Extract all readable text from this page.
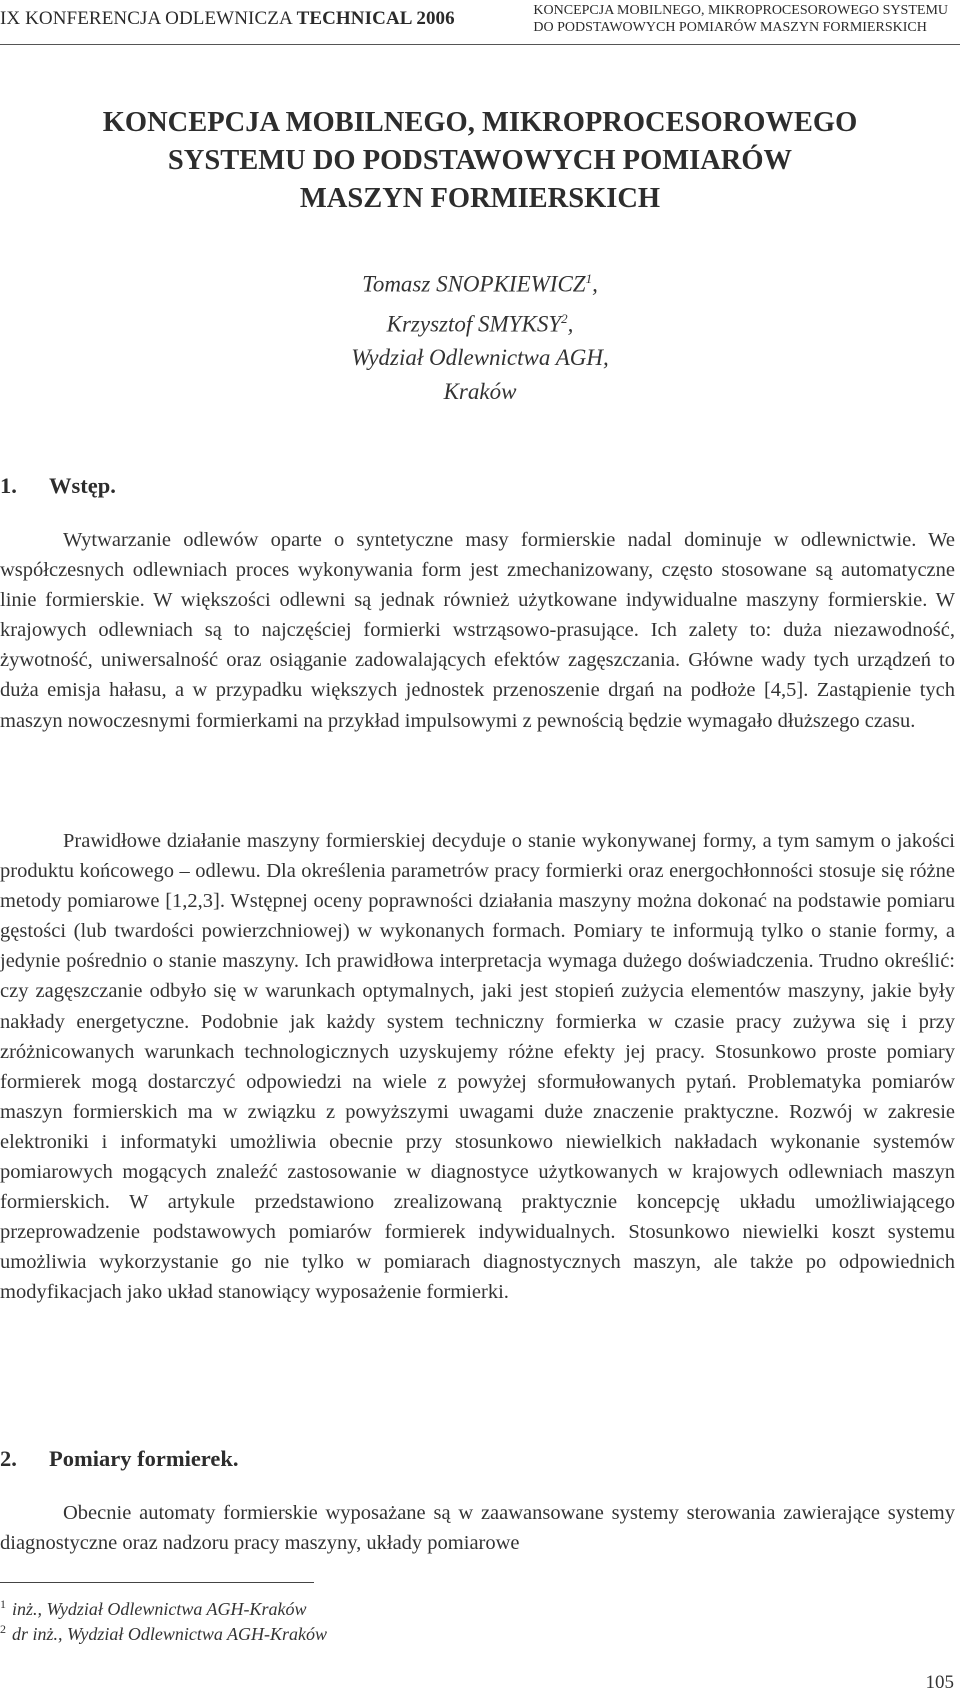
IX KONFERENCJA ODLEWNICZA TECHNICAL 2006	KONCEPCJA MOBILNEGO, MIKROPROCESOROWEGO SYSTEMU
DO PODSTAWOWYCH POMIARÓW MASZYN FORMIERSKICH
KONCEPCJA MOBILNEGO, MIKROPROCESOROWEGO
SYSTEMU DO PODSTAWOWYCH POMIARÓW
MASZYN FORMIERSKICH
Tomasz SNOPKIEWICZ$^1$,
Krzysztof SMYKSY$^2$,
Wydział Odlewnictwa AGH,
Kraków
1. Wstęp.
Wytwarzanie odlewów oparte o syntetyczne masy formierskie nadal dominuje w odlewnictwie. We współczesnych odlewniach proces wykonywania form jest zmechanizowany, często stosowane są automatyczne linie formierskie. W większości odlewni są jednak również użytkowane indywidualne maszyny formierskie. W krajowych odlewniach są to najczęściej formierki wstrząsowo-prasujące. Ich zalety to: duża niezawodność, żywotność, uniwersalność oraz osiąganie zadowalających efektów zagęszczania. Główne wady tych urządzeń to duża emisja hałasu, a w przypadku większych jednostek przenoszenie drgań na podłoże [4,5]. Zastąpienie tych maszyn nowoczesnymi formierkami na przykład impulsowymi z pewnością będzie wymagało dłuższego czasu.
Prawidłowe działanie maszyny formierskiej decyduje o stanie wykonywanej formy, a tym samym o jakości produktu końcowego – odlewu. Dla określenia parametrów pracy formierki oraz energochłonności stosuje się różne metody pomiarowe [1,2,3]. Wstępnej oceny poprawności działania maszyny można dokonać na podstawie pomiaru gęstości (lub twardości powierzchniowej) w wykonanych formach. Pomiary te informują tylko o stanie formy, a jedynie pośrednio o stanie maszyny. Ich prawidłowa interpretacja wymaga dużego doświadczenia. Trudno określić: czy zagęszczanie odbyło się w warunkach optymalnych, jaki jest stopień zużycia elementów maszyny, jakie były nakłady energetyczne. Podobnie jak każdy system techniczny formierka w czasie pracy zużywa się i przy zróżnicowanych warunkach technologicznych uzyskujemy różne efekty jej pracy. Stosunkowo proste pomiary formierek mogą dostarczyć odpowiedzi na wiele z powyżej sformułowanych pytań. Problematyka pomiarów maszyn formierskich ma w związku z powyższymi uwagami duże znaczenie praktyczne. Rozwój w zakresie elektroniki i informatyki umożliwia obecnie przy stosunkowo niewielkich nakładach wykonanie systemów pomiarowych mogących znaleźć zastosowanie w diagnostyce użytkowanych w krajowych odlewniach maszyn formierskich. W artykule przedstawiono zrealizowaną praktycznie koncepcję układu umożliwiającego przeprowadzenie podstawowych pomiarów formierek indywidualnych. Stosunkowo niewielki koszt systemu umożliwia wykorzystanie go nie tylko w pomiarach diagnostycznych maszyn, ale także po odpowiednich modyfikacjach jako układ stanowiący wyposażenie formierki.
2. Pomiary formierek.
Obecnie automaty formierskie wyposażane są w zaawansowane systemy sterowania zawierające systemy diagnostyczne oraz nadzoru pracy maszyny, układy pomiarowe
$^1$ inż., Wydział Odlewnictwa AGH-Kraków
$^2$ dr inż., Wydział Odlewnictwa AGH-Kraków
105
